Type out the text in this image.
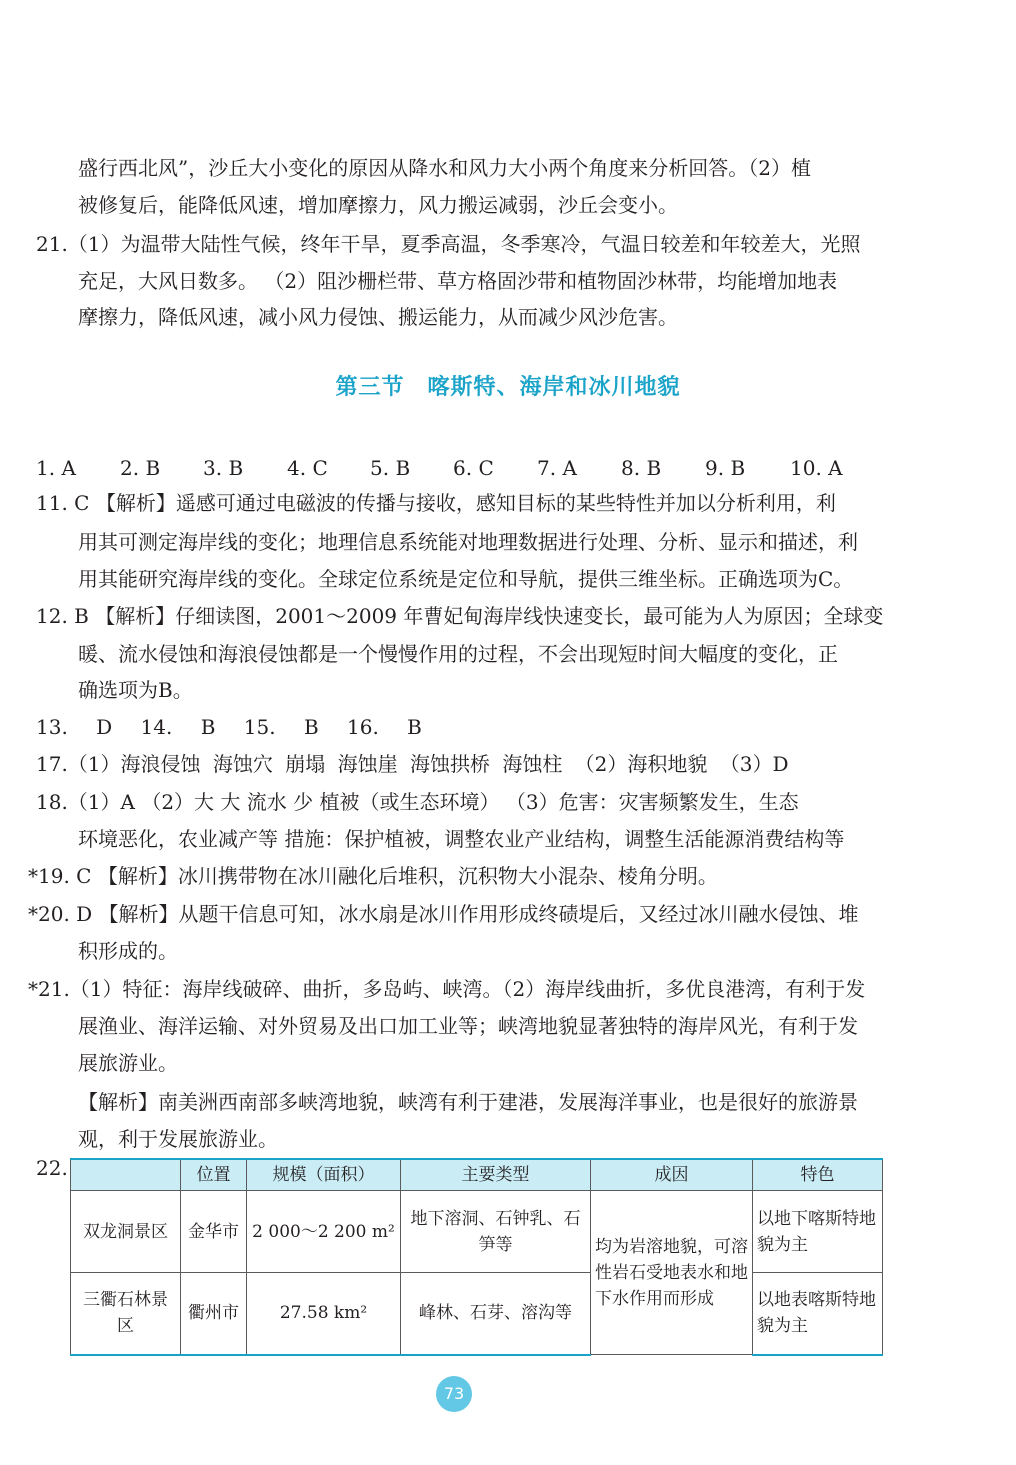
盛行西北风”，沙丘大小变化的原因从降水和风力大小两个角度来分析回答。（2）植
被修复后，能降低风速，增加摩擦力，风力搬运减弱，沙丘会变小。
21.（1）为温带大陆性气候，终年干旱，夏季高温，冬季寒冷，气温日较差和年较差大，光照
充足，大风日数多。 （2）阻沙栅栏带、草方格固沙带和植物固沙林带，均能增加地表
摩擦力，降低风速，减小风力侵蚀、搬运能力，从而减少风沙危害。
第三节　喀斯特、海岸和冰川地貌
1. A 2. B 3. B 4. C 5. B 6. C 7. A 8. B 9. B 10. A
11. C 【解析】遥感可通过电磁波的传播与接收，感知目标的某些特性并加以分析利用，利
用其可测定海岸线的变化；地理信息系统能对地理数据进行处理、分析、显示和描述，利
用其能研究海岸线的变化。全球定位系统是定位和导航，提供三维坐标。正确选项为C。
12. B 【解析】仔细读图，2001～2009 年曹妃甸海岸线快速变长，最可能为人为原因；全球变
暖、流水侵蚀和海浪侵蚀都是一个慢慢作用的过程，不会出现短时间大幅度的变化，正
确选项为B。
13. D 14. B 15. B 16. B
17.（1）海浪侵蚀 海蚀穴 崩塌 海蚀崖 海蚀拱桥 海蚀柱 （2）海积地貌 （3）D
18.（1）A （2）大 大 流水 少 植被（或生态环境） （3）危害：灾害频繁发生，生态
环境恶化，农业减产等 措施：保护植被，调整农业产业结构，调整生活能源消费结构等
*19. C 【解析】冰川携带物在冰川融化后堆积，沉积物大小混杂、棱角分明。
*20. D 【解析】从题干信息可知，冰水扇是冰川作用形成终碛堤后，又经过冰川融水侵蚀、堆
积形成的。
*21.（1）特征：海岸线破碎、曲折，多岛屿、峡湾。（2）海岸线曲折，多优良港湾，有利于发
展渔业、海洋运输、对外贸易及出口加工业等；峡湾地貌显著独特的海岸风光，有利于发
展旅游业。
【解析】南美洲西南部多峡湾地貌，峡湾有利于建港，发展海洋事业，也是很好的旅游景
观，利于发展旅游业。
22.
		位置	规模（面积）	主要类型	成因	特色
双龙洞景区	金华市	2 000～2 200 m²	地下溶洞、石钟乳、石笋等	均为岩溶地貌，可溶性岩石受地表水和地下水作用而形成	以地下喀斯特地貌为主
三衢石林景区	衢州市	27.58 km²	峰林、石芽、溶沟等		以地表喀斯特地貌为主
73
